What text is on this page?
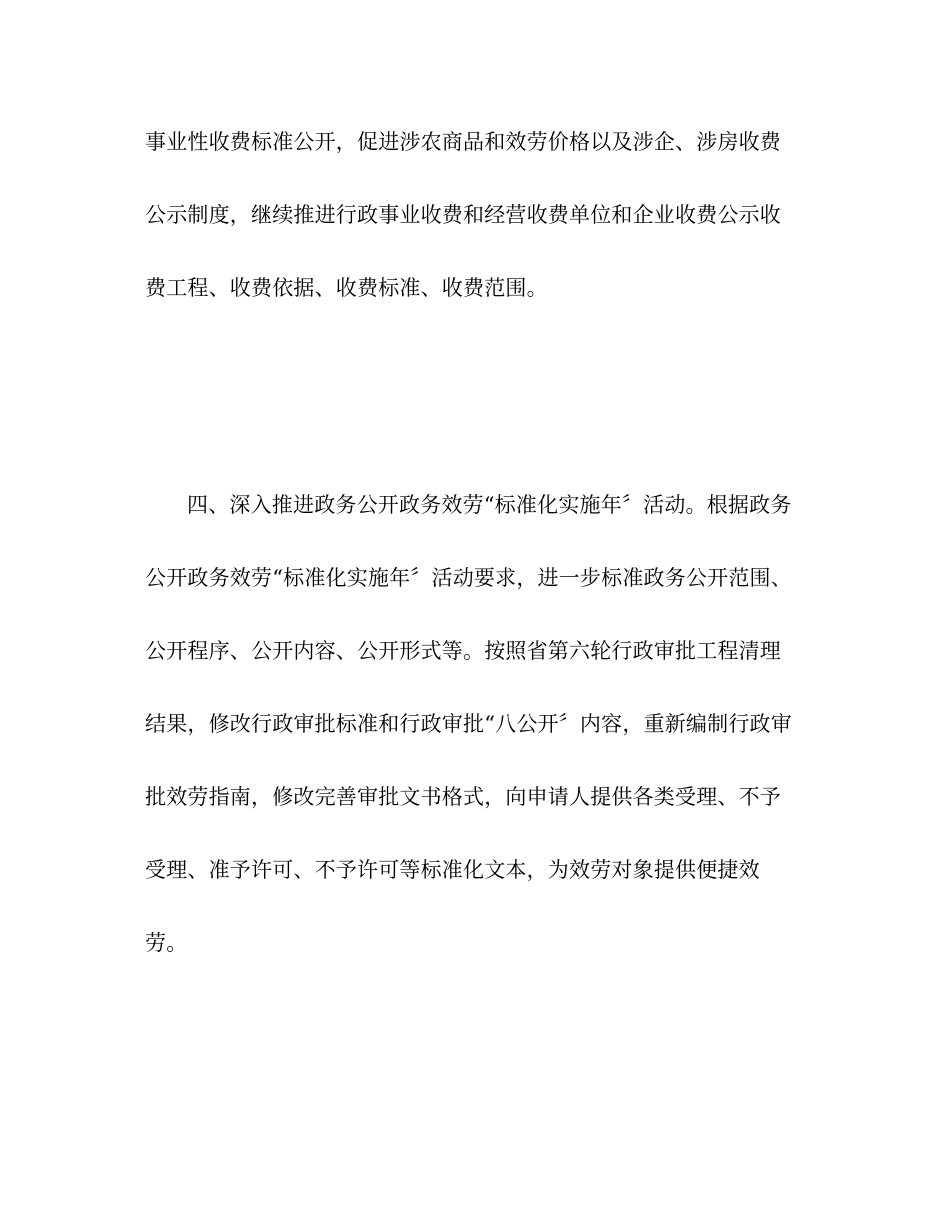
事业性收费标准公开，促进涉农商品和效劳价格以及涉企、涉房收费
公示制度，继续推进行政事业收费和经营收费单位和企业收费公示收
费工程、收费依据、收费标准、收费范围。
四、深入推进政务公开政务效劳“标准化实施年〞活动。根据政务
公开政务效劳“标准化实施年〞活动要求，进一步标准政务公开范围、
公开程序、公开内容、公开形式等。按照省第六轮行政审批工程清理
结果，修改行政审批标准和行政审批“八公开〞内容，重新编制行政审
批效劳指南，修改完善审批文书格式，向申请人提供各类受理、不予
受理、准予许可、不予许可等标准化文本，为效劳对象提供便捷效
劳。
